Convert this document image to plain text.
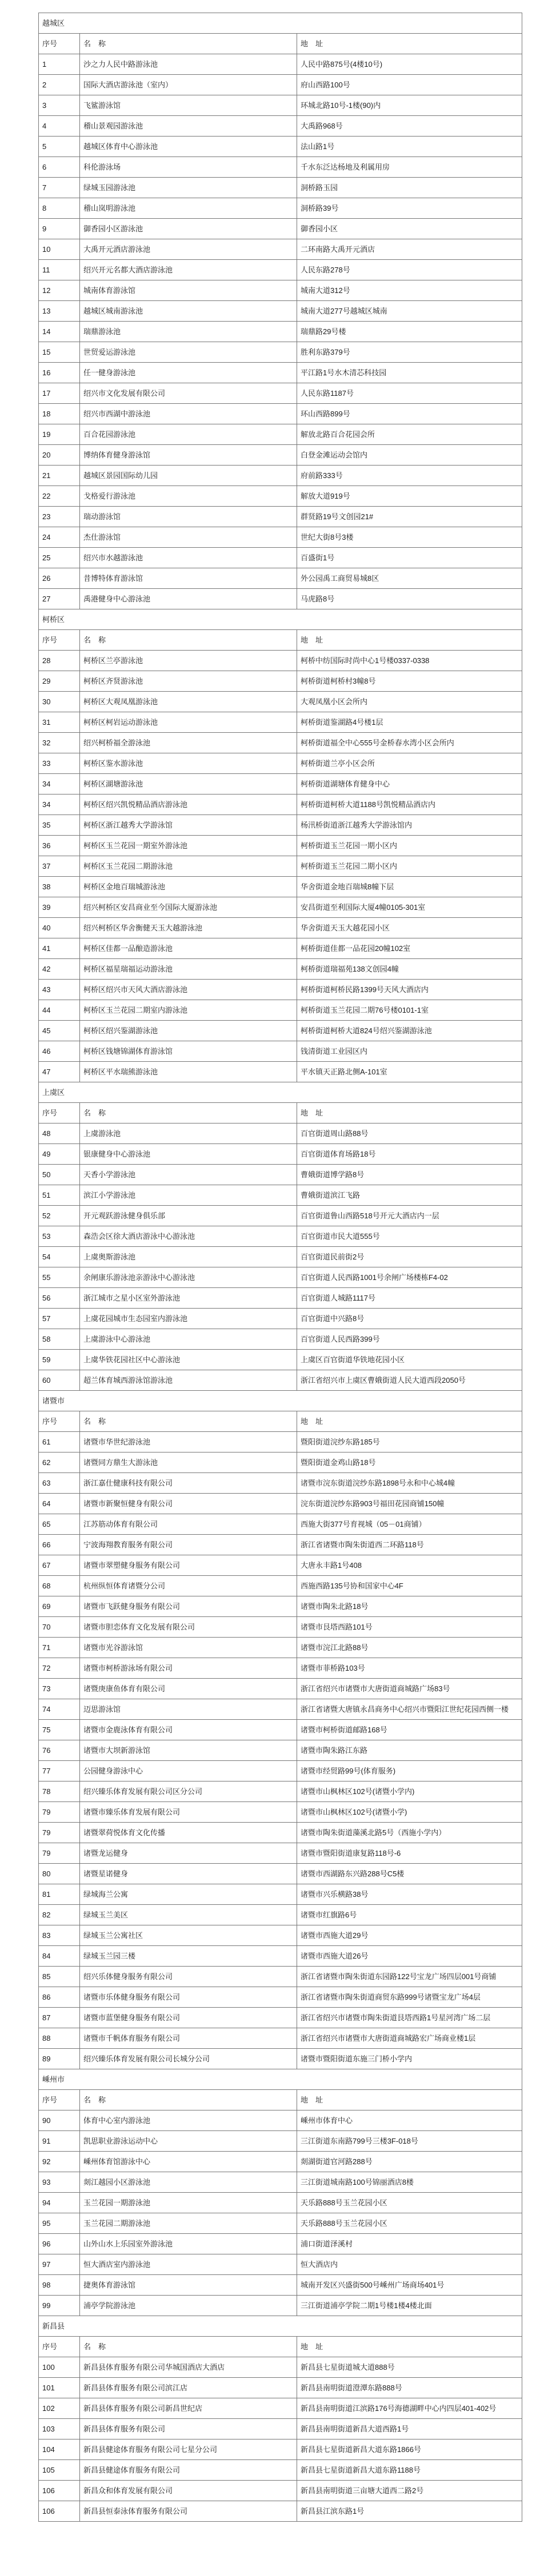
越城区		
序号	名　称	地　址
1	沙之力人民中路游泳池	人民中路875号(4楼10号)
2	国际大酒店游泳池（室内）	府山西路100号
3	飞鲨游泳馆	环城北路10号-1楼(90)内
4	稽山景观园游泳池	大禹路968号
5	越城区体育中心游泳池	法山路1号
6	科伦游泳场	千水东泛达杨地及利属用房
7	绿城玉园游泳池	洞桥路玉园
8	稽山岚明游泳池	洞桥路39号
9	御香园小区游泳池	御香园小区
10	大禹开元酒店游泳池	二环南路大禹开元酒店
11	绍兴开元名都大酒店游泳池	人民东路278号
12	城南体育游泳馆	城南大道312号
13	越城区城南游泳池	城南大道277号越城区城南
14	瑞鼎游泳池	瑞鼎路29号楼
15	世贸爱运游泳池	胜利东路379号
16	任一健身游泳池	平江路1号水木清芯科技园
17	绍兴市文化发展有限公司	人民东路1187号
18	绍兴市西湖中游泳池	环山西路899号
19	百合花园游泳池	解放北路百合花园会所
20	博纳体育健身游泳馆	白登金滩运动会馆内
21	越城区景园国际幼儿园	府前路333号
22	戈格爱行游泳池	解放大道919号
23	瑞动游泳馆	群贤路19号文创园21#
24	杰仕游泳馆	世纪大街8号3楼
25	绍兴市水越游泳池	百盛街1号
26	昔博特体育游泳馆	外公园禹工商贸易城8区
27	禹港健身中心游泳池	马虎路8号
柯桥区		
序号	名　称	地　址
28	柯桥区兰亭游泳池	柯桥中纺国际时尚中心1号楼0337-0338
29	柯桥区齐贤游泳池	柯桥街道柯桥村3幢8号
30	柯桥区大观凤凰游泳池	大观凤凰小区会所内
31	柯桥区柯岩运动游泳池	柯桥街道鉴湖路4号楼1层
32	绍兴柯桥福全游泳池	柯桥街道福全中心555号金桥春水湾小区会所内
33	柯桥区鉴水游泳池	柯桥街道兰亭小区会所
34	柯桥区湖塘游泳池	柯桥街道湖塘体育健身中心
34	柯桥区绍兴凯悦精品酒店游泳池	柯桥街道柯桥大道1188号凯悦精品酒店内
35	柯桥区浙江越秀大学游泳馆	杨汛桥街道浙江越秀大学游泳馆内
36	柯桥区玉兰花园一期室外游泳池	柯桥街道玉兰花园一期小区内
37	柯桥区玉兰花园二期游泳池	柯桥街道玉兰花园二期小区内
38	柯桥区金地百瑞城游泳池	华舍街道金地百瑞城8幢下层
39	绍兴柯桥区安昌商业至今国际大厦游泳池	安昌街道至利国际大厦4幢0105-301室
40	绍兴柯桥区华舍衡健天玉大越游泳池	华舍街道天玉大越花园小区
41	柯桥区佳都一品酿造游泳池	柯桥街道佳都一品花园20幢102室
42	柯桥区福星瑞福运动游泳池	柯桥街道瑞福苑138文创园4幢
43	柯桥区绍兴市天风大酒店游泳池	柯桥街道柯桥民路1399号天风大酒店内
44	柯桥区玉兰花园二期室内游泳池	柯桥街道玉兰花园二期76号楼0101-1室
45	柯桥区绍兴鉴湖游泳池	柯桥街道柯桥大道824号绍兴鉴湖游泳池
46	柯桥区钱塘锦湖体育游泳馆	钱清街道工业园区内
47	柯桥区平水瑞熊游泳池	平水镇天正路北侧A-101室
上虞区		
序号	名　称	地　址
48	上虞游泳池	百官街道周山路88号
49	银康健身中心游泳池	百官街道体育场路18号
50	天香小学游泳池	曹娥街道博学路8号
51	滨江小学游泳池	曹娥街道滨江飞路
52	开元观跃游泳健身俱乐部	百官街道鲁山西路518号开元大酒店内一层
53	森浩会区徐大酒店游泳中心游泳池	百官街道市民大道555号
54	上虞奥斯游泳池	百官街道民前街2号
55	余闸康乐游泳池亲游泳中心游泳池	百官街道人民西路1001号余闸广场楼栋F4-02
56	浙江城市之星小区室外游泳池	百官街道人城路1117号
57	上虞花园城市生态园室内游泳池	百官街道中兴路8号
58	上虞游泳中心游泳池	百官街道人民西路399号
59	上虞华铁花园社区中心游泳池	上虞区百官街道华铁地花园小区
60	超兰体育城西游泳馆游泳池	浙江省绍兴市上虞区曹娥街道人民大道西段2050号
诸暨市		
序号	名　称	地　址
61	诸暨市华世纪游泳池	暨阳街道浣纱东路185号
62	诸暨同方鼎生大游泳池	暨阳街道金鸡山路18号
63	浙江嘉仕健康科技有限公司	诸暨市浣东街道浣纱东路1898号永和中心城4幢
64	诸暨市新聚恒健身有限公司	浣东街道浣纱东路903号福田花园商铺150幢
65	江苏筋动体育有限公司	西施大街377号育视城（05－01商铺）
66	宁波海翔教育服务有限公司	浙江省诸暨市陶朱街道西二环路118号
67	诸暨市翠塑健身服务有限公司	大唐永丰路1号408
68	杭州纵恒体育诸暨分公司	西施西路135号协和国家中心4F
69	诸暨市飞跃健身服务有限公司	诸暨市陶朱北路18号
70	诸暨市胆恋体育文化发展有限公司	诸暨市艮塔西路101号
71	诸暨市光谷游泳馆	诸暨市浣江北路88号
72	诸暨市柯桥游泳场有限公司	诸暨市菲桥路103号
73	诸暨庚康鱼体育有限公司	浙江省绍兴市诸暨市大唐街道商城路广场83号
74	迈思游泳馆	浙江省诸暨大唐镇永昌商务中心绍兴市暨阳江世纪花园西侧一楼
75	诸暨市金鹿泳体育有限公司	诸暨市柯桥街道邮路168号
76	诸暨市大坝新游泳馆	诸暨市陶朱路江东路
77	公园健身游泳中心	诸暨市经贸路99号(体育服务)
78	绍兴臻乐体育发展有限公司区分公司	诸暨市山枫林区102号(诸暨小学内)
79	诸暨市臻乐体育发展有限公司	诸暨市山枫林区102号(诸暨小学)
79	诸暨翠荷悦体育文化传播	诸暨市陶朱街道藻溪北路5号（西施小学内）
79	诸暨龙运健身	诸暨市暨阳街道康复路118号-6
80	诸暨星诺健身	诸暨市西湖路东兴路288号C5楼
81	绿城海兰公寓	诸暨市兴乐横路38号
82	绿城玉兰美区	诸暨市红旗路6号
83	绿城玉兰公寓社区	诸暨市西施大道29号
84	绿城玉兰园三楼	诸暨市西施大道26号
85	绍兴乐体健身服务有限公司	浙江省诸暨市陶朱街道东园路122号宝龙广场四层001号商铺
86	诸暨市乐体健身服务有限公司	浙江省诸暨市陶朱街道商贸东路999号诸暨宝龙广场4层
87	诸暨市蓝堡健身服务有限公司	浙江省绍兴市诸暨市陶朱街道艮塔西路1号星河湾广场二层
88	诸暨市千帆体育服务有限公司	浙江省绍兴市诸暨市大唐街道商城路宏广场商业楼1层
89	绍兴臻乐体育发展有限公司长城分公司	诸暨市暨阳街道东施三门桥小学内
嵊州市		
序号	名　称	地　址
90	体育中心室内游泳池	嵊州市体育中心
91	凯思职业游泳运动中心	三江街道东南路799号三楼3F-018号
92	嵊州体育馆游泳中心	剡湖街道官河路288号
93	剡江越园小区游泳池	三江街道城南路100号锦丽酒店8楼
94	玉兰花园一期游泳池	天乐路888号玉兰花园小区
95	玉兰花园二期游泳池	天乐路888号玉兰花园小区
96	山外山水上乐园室外游泳池	浦口街道泽溪村
97	恒大酒店室内游泳池	恒大酒店内
98	捷奥体育游泳馆	城南开发区兴盛街500号嵊州广场商场401号
99	浦亭学院游泳池	三江街道浦亭学院二期1号楼1楼4楼北面
新昌县		
序号	名　称	地　址
100	新昌县体育服务有限公司华城国酒店大酒店	新昌县七星街道城大道888号
101	新昌县体育服务有限公司滨江店	新昌县南明街道澄潭东路888号
102	新昌县体育服务有限公司新昌世纪店	新昌县南明街道江滨路176号海德湖畔中心内四层401-402号
103	新昌县体育服务有限公司	新昌县南明街道新昌大道西路1号
104	新昌县健途体育服务有限公司七星分公司	新昌县七星街道新昌大道东路1866号
105	新昌县健途体育服务有限公司	新昌县七星街道新昌大道东路1188号
106	新昌众和体育发展有限公司	新昌县南明街道三亩塘大道西二路2号
106	新昌县恒泰泳体育服务有限公司	新昌县江滨东路1号
